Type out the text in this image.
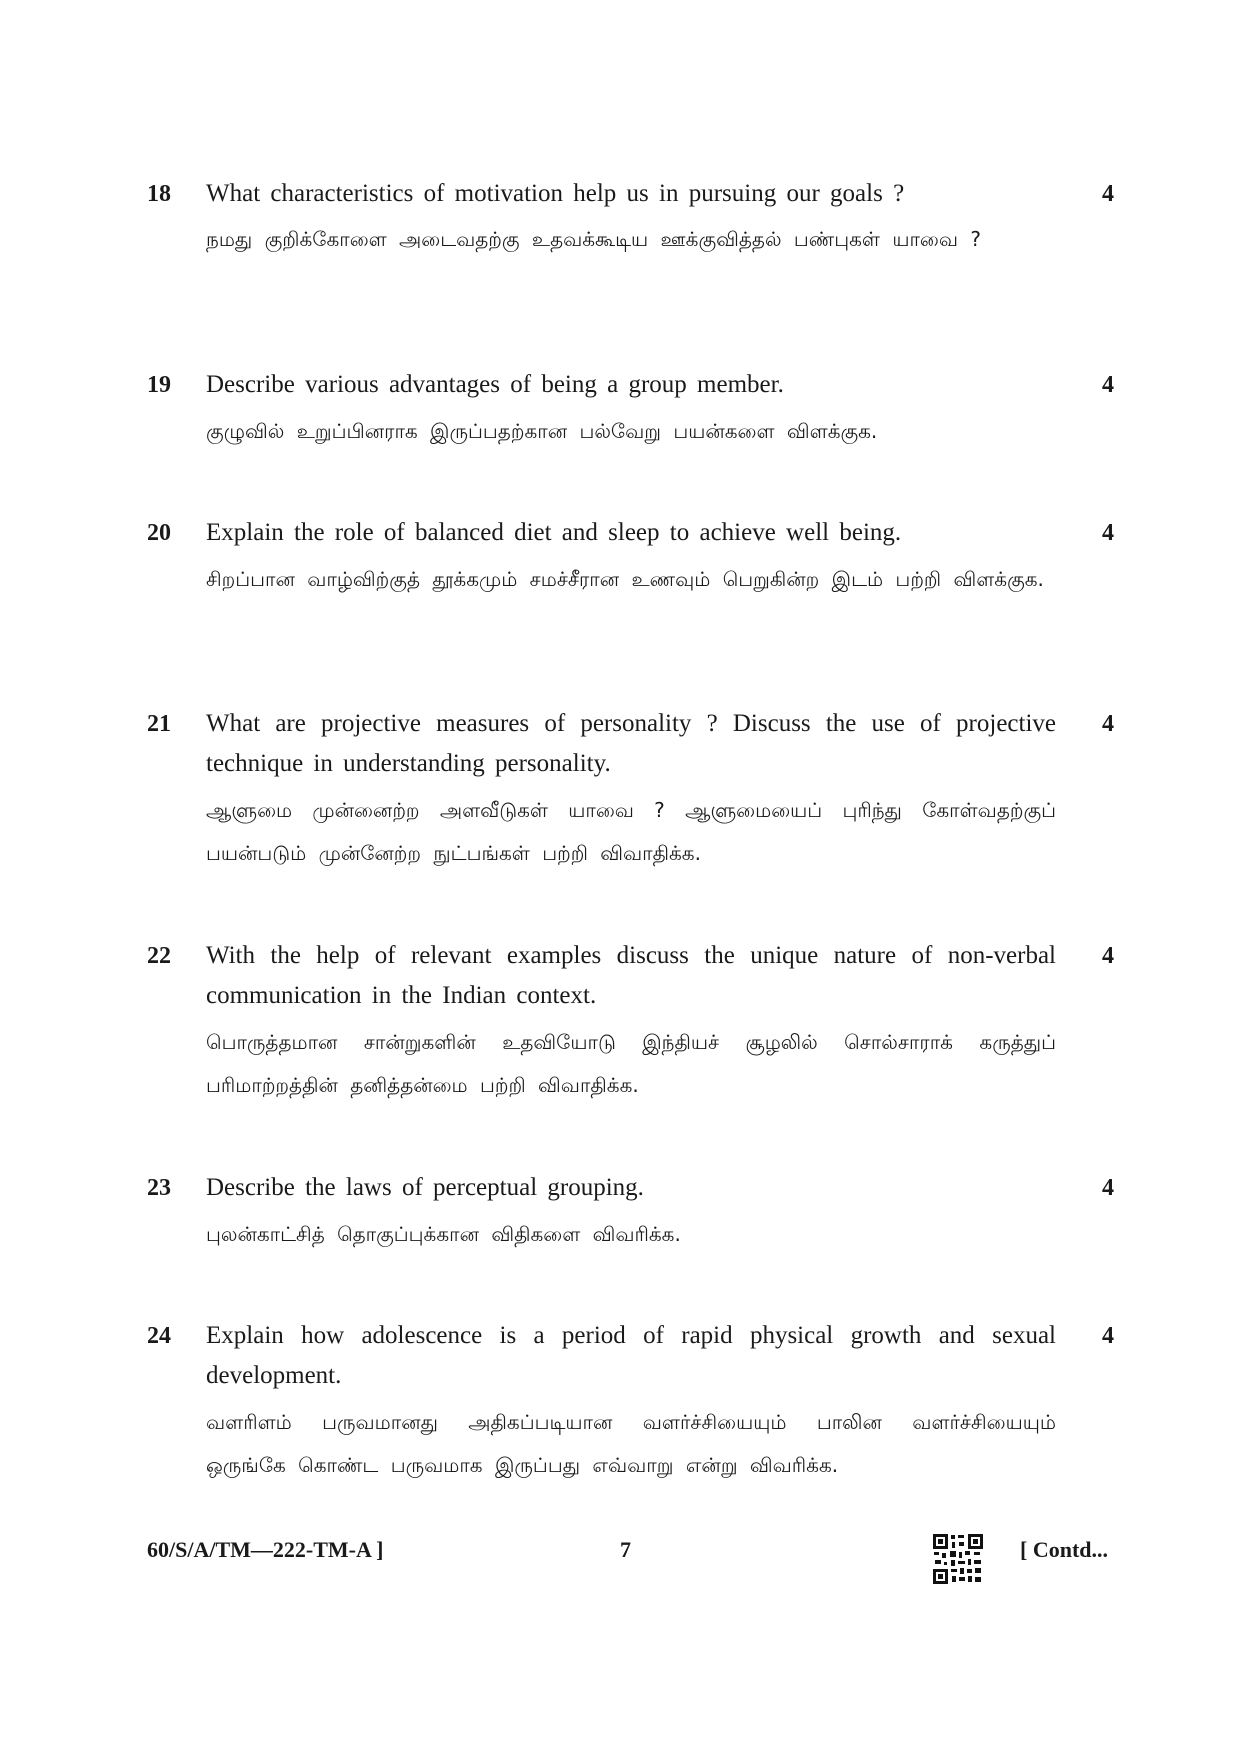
18 What characteristics of motivation help us in pursuing our goals ?
நமது குறிக்கோளை அடைவதற்கு உதவக்கூடிய ஊக்குவித்தல் பண்புகள் யாவை ?
4
19 Describe various advantages of being a group member.
குழுவில் உறுப்பினராக இருப்பதற்கான பல்வேறு பயன்களை விளக்குக.
4
20 Explain the role of balanced diet and sleep to achieve well being.
சிறப்பான வாழ்விற்குத் தூக்கமும் சமச்சீரான உணவும் பெறுகின்ற இடம் பற்றி விளக்குக.
4
21 What are projective measures of personality ? Discuss the use of projective technique in understanding personality.
ஆளுமை முன்னைற்ற அளவீடுகள் யாவை ? ஆளுமையைப் புரிந்து கோள்வதற்குப் பயன்படும் முன்னேற்ற நுட்பங்கள் பற்றி விவாதிக்க.
4
22 With the help of relevant examples discuss the unique nature of non-verbal communication in the Indian context.
பொருத்தமான சான்றுகளின் உதவியோடு இந்தியச் சூழலில் சொல்சாராக் கருத்துப் பரிமாற்றத்தின் தனித்தன்மை பற்றி விவாதிக்க.
4
23 Describe the laws of perceptual grouping.
புலன்காட்சித் தொகுப்புக்கான விதிகளை விவரிக்க.
4
24 Explain how adolescence is a period of rapid physical growth and sexual development.
வளரிளம் பருவமானது அதிகப்படியான வளர்ச்சியையும் பாலின வளர்ச்சியையும் ஒருங்கே கொண்ட பருவமாக இருப்பது எவ்வாறு என்று விவரிக்க.
4
60/S/A/TM—222-TM-A ]	7	[ Contd...
